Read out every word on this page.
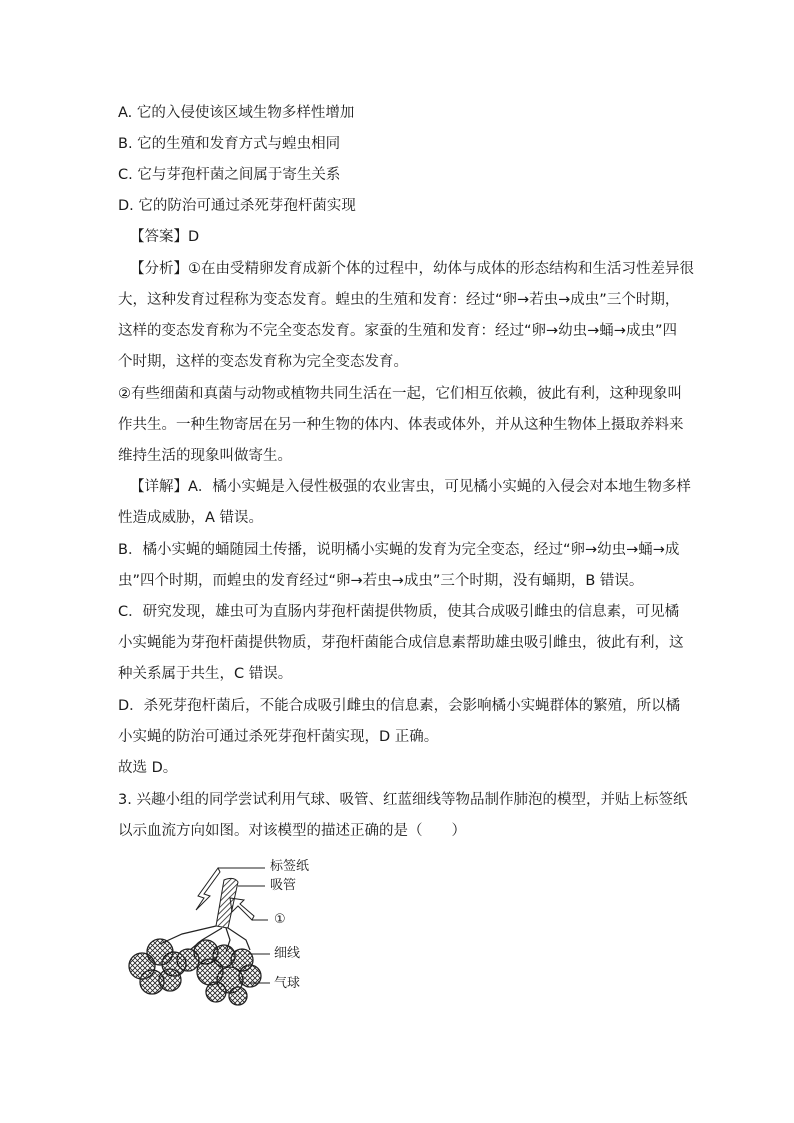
A. 它的入侵使该区域生物多样性增加

B. 它的生殖和发育方式与蝗虫相同

C. 它与芽孢杆菌之间属于寄生关系

D. 它的防治可通过杀死芽孢杆菌实现

【答案】D

【分析】①在由受精卵发育成新个体的过程中，幼体与成体的形态结构和生活习性差异很

大，这种发育过程称为变态发育。蝗虫的生殖和发育：经过“卵→若虫→成虫”三个时期，

这样的变态发育称为不完全变态发育。家蚕的生殖和发育：经过“卵→幼虫→蛹→成虫”四

个时期，这样的变态发育称为完全变态发育。

②有些细菌和真菌与动物或植物共同生活在一起，它们相互依赖，彼此有利，这种现象叫

作共生。一种生物寄居在另一种生物的体内、体表或体外，并从这种生物体上摄取养料来

维持生活的现象叫做寄生。

【详解】A．橘小实蝇是入侵性极强的农业害虫，可见橘小实蝇的入侵会对本地生物多样

性造成威胁，A 错误。

B．橘小实蝇的蛹随园土传播，说明橘小实蝇的发育为完全变态，经过“卵→幼虫→蛹→成

虫”四个时期，而蝗虫的发育经过“卵→若虫→成虫”三个时期，没有蛹期，B 错误。

C．研究发现，雄虫可为直肠内芽孢杆菌提供物质，使其合成吸引雌虫的信息素，可见橘

小实蝇能为芽孢杆菌提供物质，芽孢杆菌能合成信息素帮助雄虫吸引雌虫，彼此有利，这

种关系属于共生，C 错误。

D．杀死芽孢杆菌后，不能合成吸引雌虫的信息素，会影响橘小实蝇群体的繁殖，所以橘

小实蝇的防治可通过杀死芽孢杆菌实现，D 正确。

故选 D。

3. 兴趣小组的同学尝试利用气球、吸管、红蓝细线等物品制作肺泡的模型，并贴上标签纸

以示血流方向如图。对该模型的描述正确的是（　　）

标签纸
吸管
①
细线
气球
